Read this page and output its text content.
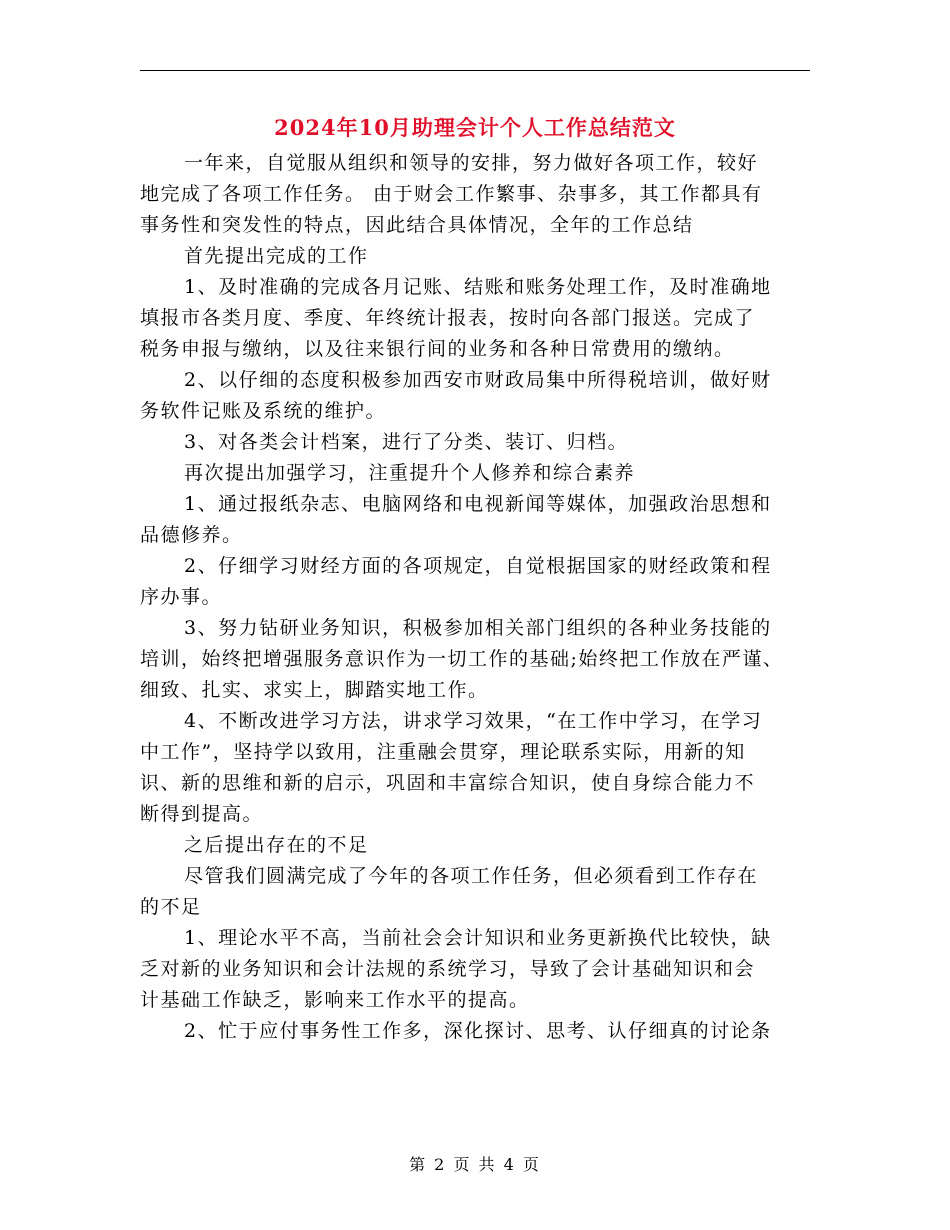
2024年10月助理会计个人工作总结范文
一年来，自觉服从组织和领导的安排，努力做好各项工作，较好
地完成了各项工作任务。 由于财会工作繁事、杂事多，其工作都具有
事务性和突发性的特点，因此结合具体情况，全年的工作总结
首先提出完成的工作
1、及时准确的完成各月记账、结账和账务处理工作，及时准确地
填报市各类月度、季度、年终统计报表，按时向各部门报送。完成了
税务申报与缴纳，以及往来银行间的业务和各种日常费用的缴纳。
2、以仔细的态度积极参加西安市财政局集中所得税培训，做好财
务软件记账及系统的维护。
3、对各类会计档案，进行了分类、装订、归档。
再次提出加强学习，注重提升个人修养和综合素养
1、通过报纸杂志、电脑网络和电视新闻等媒体，加强政治思想和
品德修养。
2、仔细学习财经方面的各项规定，自觉根据国家的财经政策和程
序办事。
3、努力钻研业务知识，积极参加相关部门组织的各种业务技能的
培训，始终把增强服务意识作为一切工作的基础;始终把工作放在严谨、
细致、扎实、求实上，脚踏实地工作。
4、不断改进学习方法，讲求学习效果，“在工作中学习，在学习
中工作”，坚持学以致用，注重融会贯穿，理论联系实际，用新的知
识、新的思维和新的启示，巩固和丰富综合知识，使自身综合能力不
断得到提高。
之后提出存在的不足
尽管我们圆满完成了今年的各项工作任务，但必须看到工作存在
的不足
1、理论水平不高，当前社会会计知识和业务更新换代比较快，缺
乏对新的业务知识和会计法规的系统学习，导致了会计基础知识和会
计基础工作缺乏，影响来工作水平的提高。
2、忙于应付事务性工作多，深化探讨、思考、认仔细真的讨论条
第 2 页 共 4 页
